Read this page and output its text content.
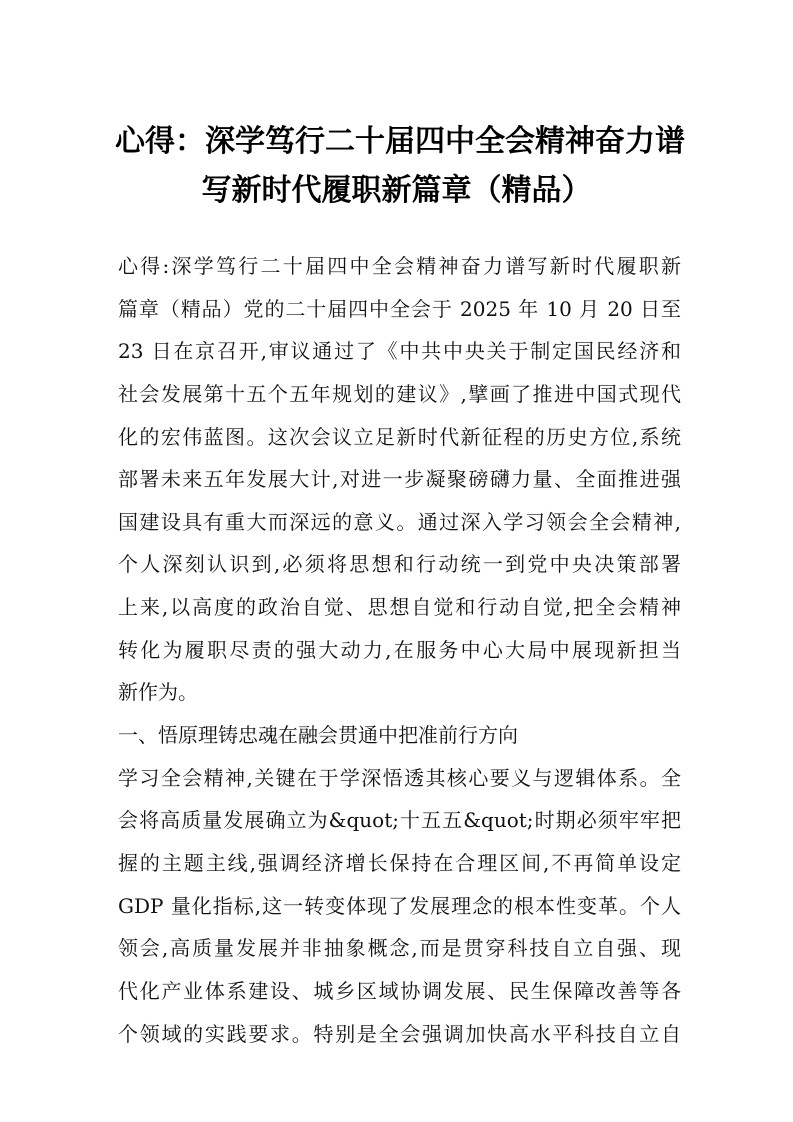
心得：深学笃行二十届四中全会精神奋力谱
写新时代履职新篇章（精品）
心得:深学笃行二十届四中全会精神奋力谱写新时代履职新
篇章（精品）党的二十届四中全会于 2025 年 10 月 20 日至
23 日在京召开,审议通过了《中共中央关于制定国民经济和
社会发展第十五个五年规划的建议》,擘画了推进中国式现代
化的宏伟蓝图。这次会议立足新时代新征程的历史方位,系统
部署未来五年发展大计,对进一步凝聚磅礴力量、全面推进强
国建设具有重大而深远的意义。通过深入学习领会全会精神,
个人深刻认识到,必须将思想和行动统一到党中央决策部署
上来,以高度的政治自觉、思想自觉和行动自觉,把全会精神
转化为履职尽责的强大动力,在服务中心大局中展现新担当
新作为。
一、悟原理铸忠魂在融会贯通中把准前行方向
学习全会精神,关键在于学深悟透其核心要义与逻辑体系。全
会将高质量发展确立为&quot;十五五&quot;时期必须牢牢把
握的主题主线,强调经济增长保持在合理区间,不再简单设定
GDP 量化指标,这一转变体现了发展理念的根本性变革。个人
领会,高质量发展并非抽象概念,而是贯穿科技自立自强、现
代化产业体系建设、城乡区域协调发展、民生保障改善等各
个领域的实践要求。特别是全会强调加快高水平科技自立自
